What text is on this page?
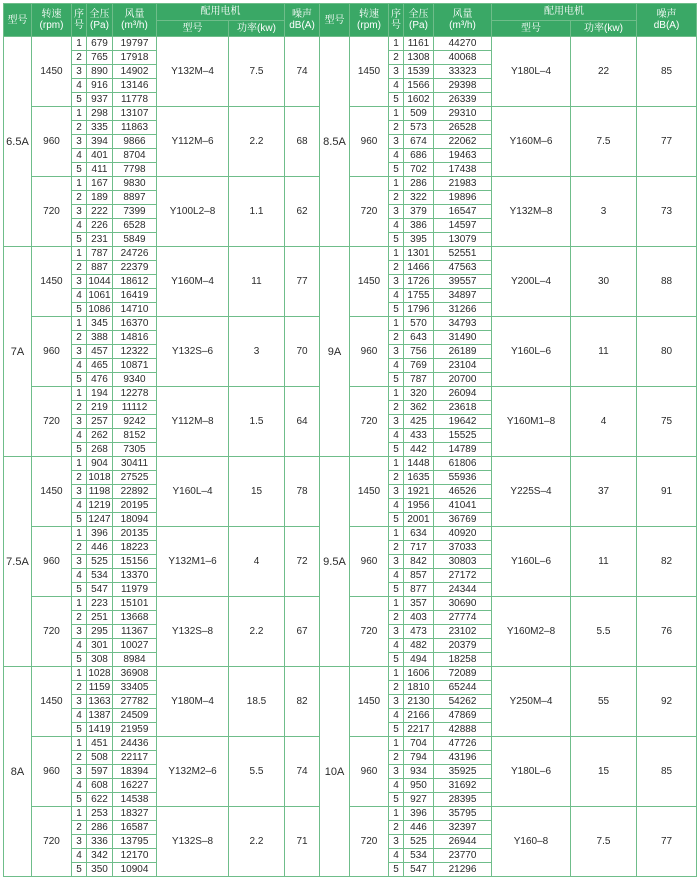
型号	转速
(rpm)	序
号	全压
(Pa)	风量
(m³/h)	配用电机		噪声
dB(A)	型号	转速
(rpm)	序
号	全压
(Pa)	风量
(m³/h)	配用电机		噪声
dB(A)

					型号	功率(kw)							型号	功率(kw)	
6.5A	1450	1	679	19797	Y132M–4	7.5	74	8.5A	1450	1	1161	44270	Y180L–4	22	85
		2	765	17918						2	1308	40068			
		3	890	14902						3	1539	33323			
		4	916	13146						4	1566	29398			
		5	937	11778						5	1602	26339			
	960	1	298	13107	Y112M–6	2.2	68		960	1	509	29310	Y160M–6	7.5	77
		2	335	11863						2	573	26528			
		3	394	9866						3	674	22062			
		4	401	8704						4	686	19463			
		5	411	7798						5	702	17438			
	720	1	167	9830	Y100L2–8	1.1	62		720	1	286	21983	Y132M–8	3	73
		2	189	8897						2	322	19896			
		3	222	7399						3	379	16547			
		4	226	6528						4	386	14597			
		5	231	5849						5	395	13079			
7A	1450	1	787	24726	Y160M–4	11	77	9A	1450	1	1301	52551	Y200L–4	30	88
		2	887	22379						2	1466	47563			
		3	1044	18612						3	1726	39557			
		4	1061	16419						4	1755	34897			
		5	1086	14710						5	1796	31266			
	960	1	345	16370	Y132S–6	3	70		960	1	570	34793	Y160L–6	11	80
		2	388	14816						2	643	31490			
		3	457	12322						3	756	26189			
		4	465	10871						4	769	23104			
		5	476	9340						5	787	20700			
	720	1	194	12278	Y112M–8	1.5	64		720	1	320	26094	Y160M1–8	4	75
		2	219	11112						2	362	23618			
		3	257	9242						3	425	19642			
		4	262	8152						4	433	15525			
		5	268	7305						5	442	14789			
7.5A	1450	1	904	30411	Y160L–4	15	78	9.5A	1450	1	1448	61806	Y225S–4	37	91
		2	1018	27525						2	1635	55936			
		3	1198	22892						3	1921	46526			
		4	1219	20195						4	1956	41041			
		5	1247	18094						5	2001	36769			
	960	1	396	20135	Y132M1–6	4	72		960	1	634	40920	Y160L–6	11	82
		2	446	18223						2	717	37033			
		3	525	15156						3	842	30803			
		4	534	13370						4	857	27172			
		5	547	11979						5	877	24344			
	720	1	223	15101	Y132S–8	2.2	67		720	1	357	30690	Y160M2–8	5.5	76
		2	251	13668						2	403	27774			
		3	295	11367						3	473	23102			
		4	301	10027						4	482	20379			
		5	308	8984						5	494	18258			
8A	1450	1	1028	36908	Y180M–4	18.5	82	10A	1450	1	1606	72089	Y250M–4	55	92
		2	1159	33405						2	1810	65244			
		3	1363	27782						3	2130	54262			
		4	1387	24509						4	2166	47869			
		5	1419	21959						5	2217	42888			
	960	1	451	24436	Y132M2–6	5.5	74		960	1	704	47726	Y180L–6	15	85
		2	508	22117						2	794	43196			
		3	597	18394						3	934	35925			
		4	608	16227						4	950	31692			
		5	622	14538						5	927	28395			
	720	1	253	18327	Y132S–8	2.2	71		720	1	396	35795	Y160–8	7.5	77
		2	286	16587						2	446	32397			
		3	336	13795						3	525	26944			
		4	342	12170						4	534	23770			
		5	350	10904						5	547	21296			
